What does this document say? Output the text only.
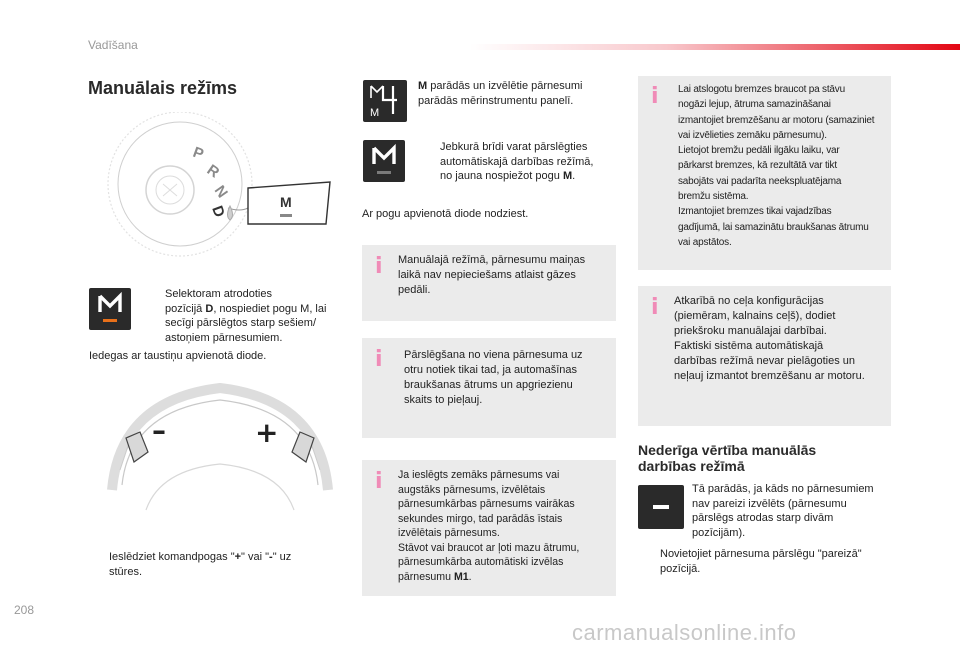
Vadīšana
Manuālais režīms
P
R
N
D
M
Selektoram atrodoties
pozīcijā D, nospiediet pogu M, lai
secīgi pārslēgtos starp sešiem/
astoņiem pārnesumiem.
Iedegas ar taustiņu apvienotā diode.
–	+
Ieslēdziet komandpogas "+" vai "-" uz
stūres.
M
M parādās un izvēlētie pārnesumi
parādās mērinstrumentu panelī.
Jebkurā brīdi varat pārslēgties
automātiskajā darbības režīmā,
no jauna nospiežot pogu M.
Ar pogu apvienotā diode nodziest.
i Manuālajā režīmā, pārnesumu maiņas
laikā nav nepieciešams atlaist gāzes
pedāli.
i Pārslēgšana no viena pārnesuma uz
otru notiek tikai tad, ja automašīnas
braukšanas ātrums un apgriezienu
skaits to pieļauj.
i Ja ieslēgts zemāks pārnesums vai
augstāks pārnesums, izvēlētais
pārnesumkārbas pārnesums vairākas
sekundes mirgo, tad parādās īstais
izvēlētais pārnesums.
Stāvot vai braucot ar ļoti mazu ātrumu,
pārnesumkārba automātiski izvēlas
pārnesumu M1.
i Lai atslogotu bremzes braucot pa stāvu
nogāzi lejup, ātruma samazināšanai
izmantojiet bremzēšanu ar motoru (samaziniet
vai izvēlieties zemāku pārnesumu).
Lietojot bremžu pedāli ilgāku laiku, var
pārkarst bremzes, kā rezultātā var tikt
sabojāts vai padarīta neekspluatējama
bremžu sistēma.
Izmantojiet bremzes tikai vajadzības
gadījumā, lai samazinātu braukšanas ātrumu
vai apstātos.
i Atkarībā no ceļa konfigurācijas
(piemēram, kalnains ceļš), dodiet
priekšroku manuālajai darbībai.
Faktiski sistēma automātiskajā
darbības režīmā nevar pielāgoties un
neļauj izmantot bremzēšanu ar motoru.
Nederīga vērtība manuālās
darbības režīmā
Tā parādās, ja kāds no pārnesumiem
nav pareizi izvēlēts (pārnesumu
pārslēgs atrodas starp divām
pozīcijām).
Novietojiet pārnesuma pārslēgu "pareizā"
pozīcijā.
208
carmanualsonline.info
